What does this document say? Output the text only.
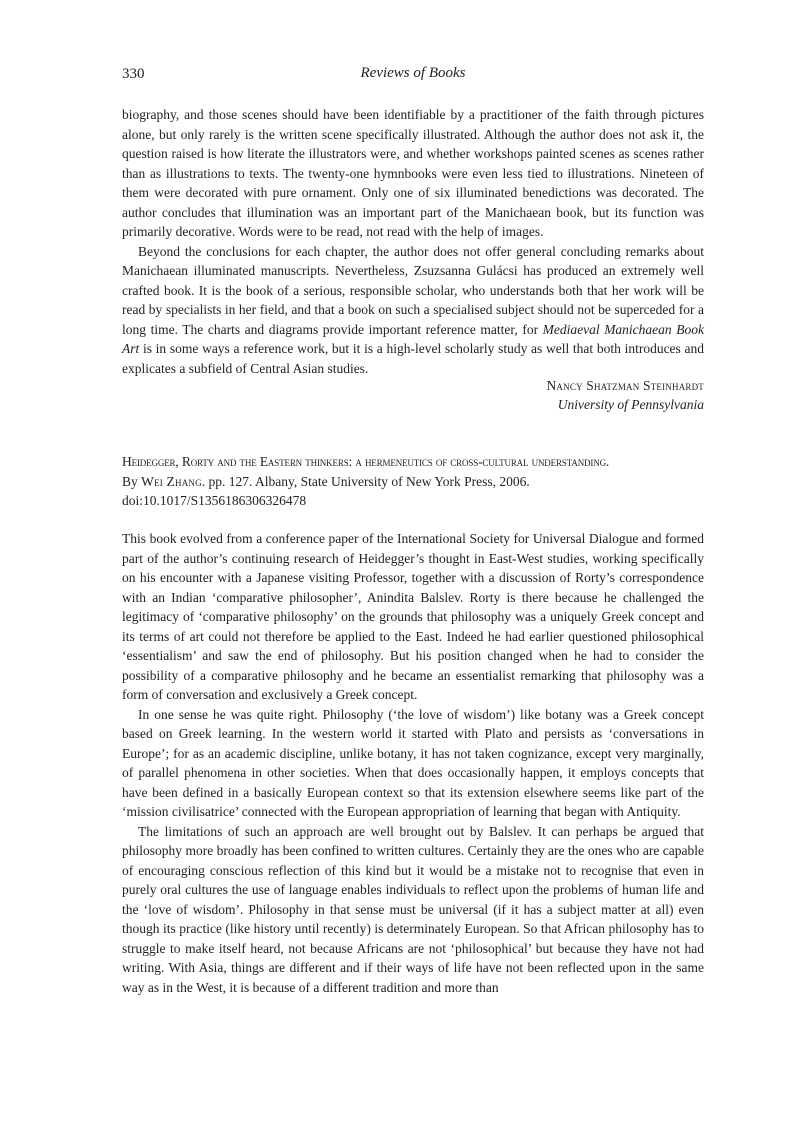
330	Reviews of Books

biography, and those scenes should have been identifiable by a practitioner of the faith through pictures alone, but only rarely is the written scene specifically illustrated. Although the author does not ask it, the question raised is how literate the illustrators were, and whether workshops painted scenes as scenes rather than as illustrations to texts. The twenty-one hymnbooks were even less tied to illustrations. Nineteen of them were decorated with pure ornament. Only one of six illuminated benedictions was decorated. The author concludes that illumination was an important part of the Manichaean book, but its function was primarily decorative. Words were to be read, not read with the help of images.

Beyond the conclusions for each chapter, the author does not offer general concluding remarks about Manichaean illuminated manuscripts. Nevertheless, Zsuzsanna Gulácsi has produced an extremely well crafted book. It is the book of a serious, responsible scholar, who understands both that her work will be read by specialists in her field, and that a book on such a specialised subject should not be superceded for a long time. The charts and diagrams provide important reference matter, for Mediaeval Manichaean Book Art is in some ways a reference work, but it is a high-level scholarly study as well that both introduces and explicates a subfield of Central Asian studies.

Nancy Shatzman Steinhardt
University of Pennsylvania
Heidegger, Rorty and the Eastern thinkers: a hermeneutics of cross-cultural understanding.
By Wei Zhang. pp. 127. Albany, State University of New York Press, 2006.
doi:10.1017/S1356186306326478

This book evolved from a conference paper of the International Society for Universal Dialogue and formed part of the author’s continuing research of Heidegger’s thought in East-West studies, working specifically on his encounter with a Japanese visiting Professor, together with a discussion of Rorty’s correspondence with an Indian ‘comparative philosopher’, Anindita Balslev. Rorty is there because he challenged the legitimacy of ‘comparative philosophy’ on the grounds that philosophy was a uniquely Greek concept and its terms of art could not therefore be applied to the East. Indeed he had earlier questioned philosophical ‘essentialism’ and saw the end of philosophy. But his position changed when he had to consider the possibility of a comparative philosophy and he became an essentialist remarking that philosophy was a form of conversation and exclusively a Greek concept.

In one sense he was quite right. Philosophy (‘the love of wisdom’) like botany was a Greek concept based on Greek learning. In the western world it started with Plato and persists as ‘conversations in Europe’; for as an academic discipline, unlike botany, it has not taken cognizance, except very marginally, of parallel phenomena in other societies. When that does occasionally happen, it employs concepts that have been defined in a basically European context so that its extension elsewhere seems like part of the ‘mission civilisatrice’ connected with the European appropriation of learning that began with Antiquity.

The limitations of such an approach are well brought out by Balslev. It can perhaps be argued that philosophy more broadly has been confined to written cultures. Certainly they are the ones who are capable of encouraging conscious reflection of this kind but it would be a mistake not to recognise that even in purely oral cultures the use of language enables individuals to reflect upon the problems of human life and the ‘love of wisdom’. Philosophy in that sense must be universal (if it has a subject matter at all) even though its practice (like history until recently) is determinately European. So that African philosophy has to struggle to make itself heard, not because Africans are not ‘philosophical’ but because they have not had writing. With Asia, things are different and if their ways of life have not been reflected upon in the same way as in the West, it is because of a different tradition and more than
